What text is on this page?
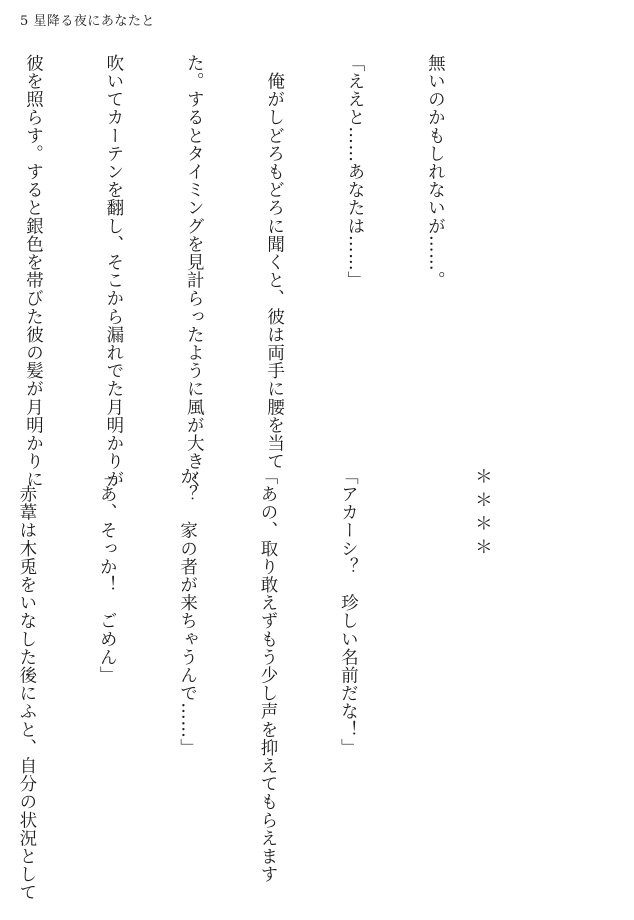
5 星降る夜にあなたと

無いのかもしれないが……。

「ええと……あなたは……」

　俺がしどろもどろに聞くと、彼は両手に腰を当て

た。するとタイミングを見計らったように風が大きく

吹いてカーテンを翻し、そこから漏れでた月明かりが

彼を照らす。すると銀色を帯びた彼の髪が月明かりに

＊＊＊＊

「アカーシ？　珍しい名前だな！」

「あの、取り敢えずもう少し声を抑えてもらえます

か？　家の者が来ちゃうんで……」

「あ、そっか！　ごめん」

　赤葦は木兎をいなした後にふと、自分の状況として
